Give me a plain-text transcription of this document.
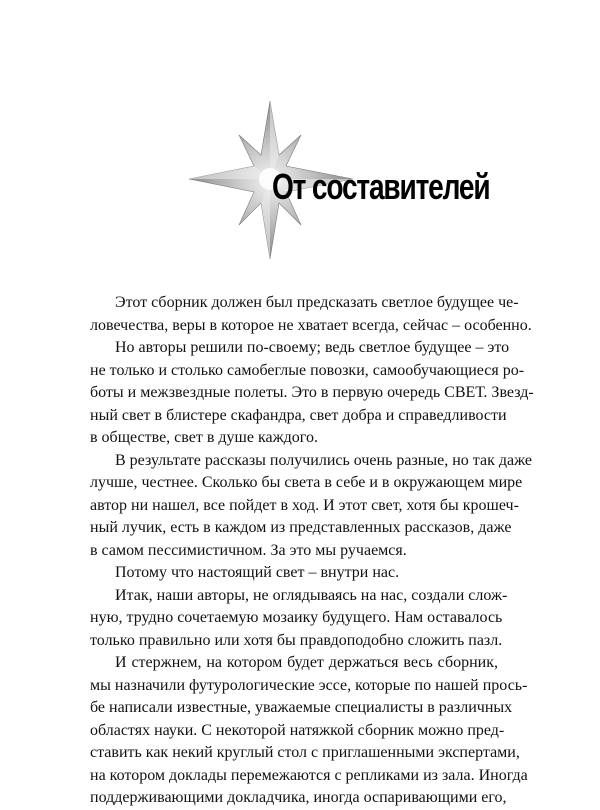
От составителей

Этот сборник должен был предсказать светлое будущее че-
ловечества, веры в которое не хватает всегда, сейчас – особенно.

Но авторы решили по-своему; ведь светлое будущее – это
не только и столько самобеглые повозки, самообучающиеся ро-
боты и межзвездные полеты. Это в первую очередь СВЕТ. Звезд-
ный свет в блистере скафандра, свет добра и справедливости
в обществе, свет в душе каждого.

В результате рассказы получились очень разные, но так даже
лучше, честнее. Сколько бы света в себе и в окружающем мире
автор ни нашел, все пойдет в ход. И этот свет, хотя бы крошеч-
ный лучик, есть в каждом из представленных рассказов, даже
в самом пессимистичном. За это мы ручаемся.

Потому что настоящий свет – внутри нас.

Итак, наши авторы, не оглядываясь на нас, создали слож-
ную, трудно сочетаемую мозаику будущего. Нам оставалось
только правильно или хотя бы правдоподобно сложить пазл.

И стержнем, на котором будет держаться весь сборник,
мы назначили футурологические эссе, которые по нашей прось-
бе написали известные, уважаемые специалисты в различных
областях науки. С некоторой натяжкой сборник можно пред-
ставить как некий круглый стол с приглашенными экспертами,
на котором доклады перемежаются с репликами из зала. Иногда
поддерживающими докладчика, иногда оспаривающими его,
